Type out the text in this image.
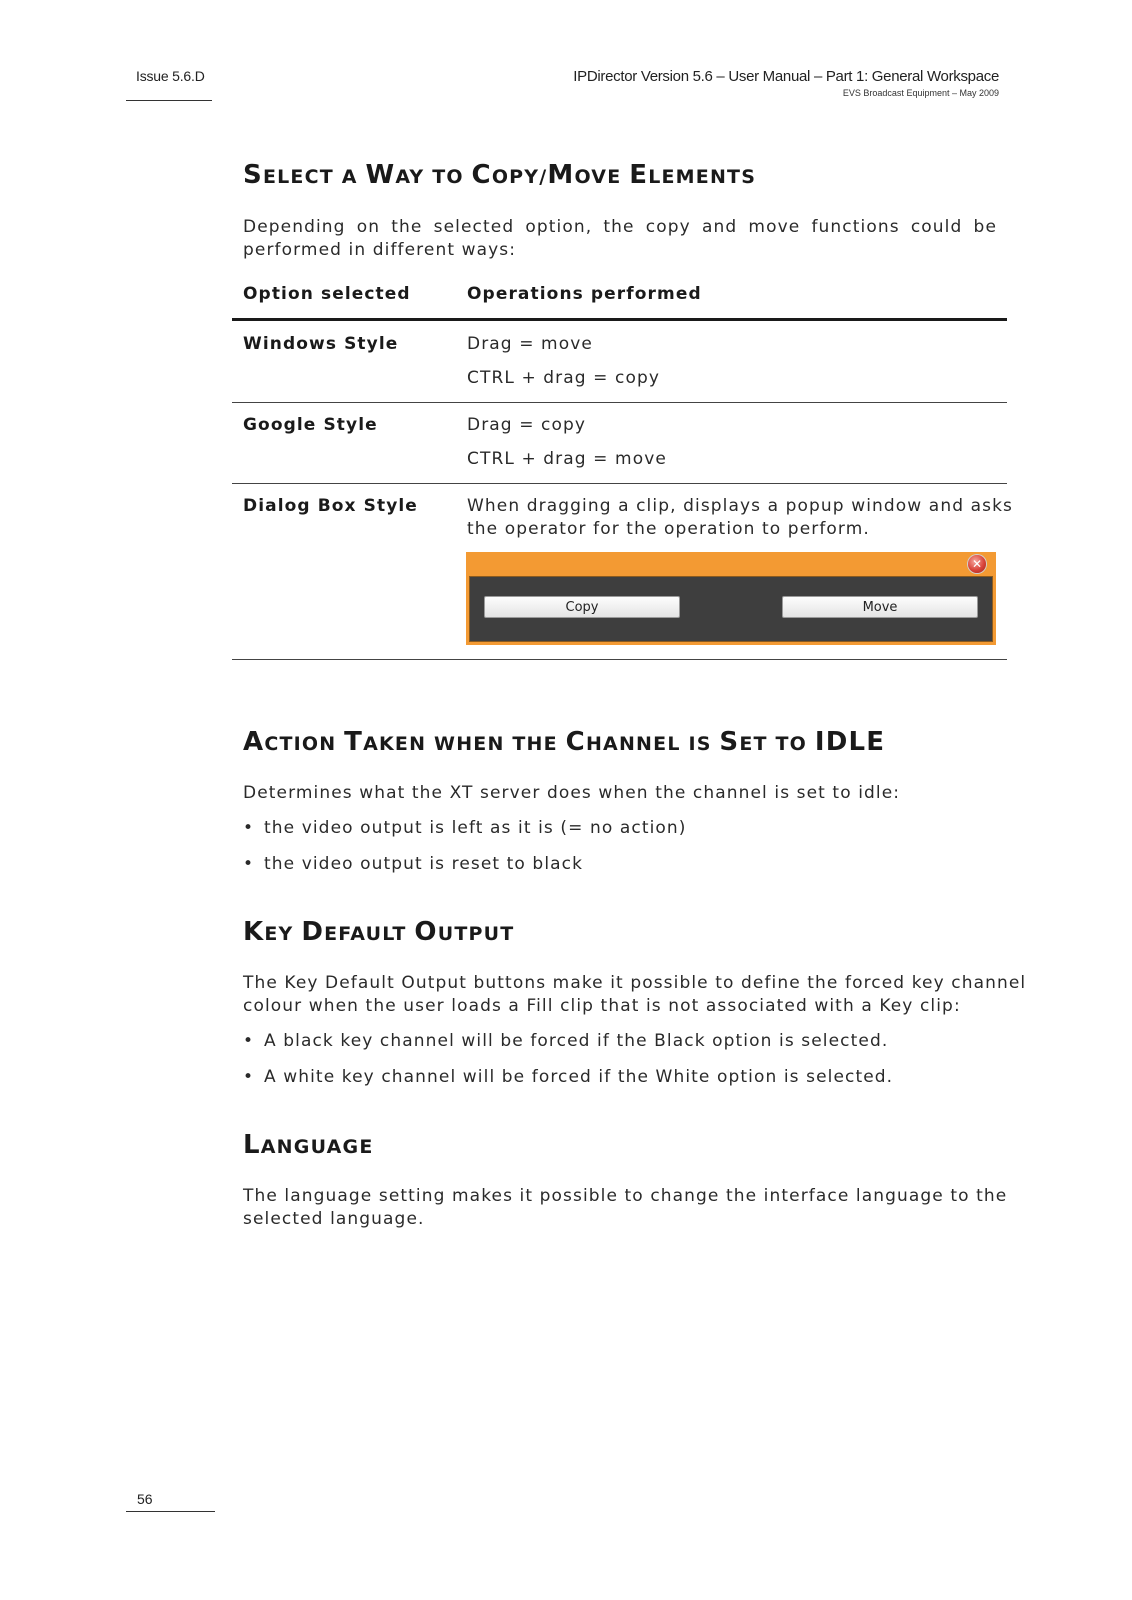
Issue 5.6.D	IPDirector Version 5.6 – User Manual – Part 1: General Workspace
EVS Broadcast Equipment – May 2009
SELECT A WAY TO COPY/MOVE ELEMENTS
Depending on the selected option, the copy and move functions could be
performed in different ways:
Option selected	Operations performed
Windows Style	Drag = move
CTRL + drag = copy
Google Style	Drag = copy
CTRL + drag = move
Dialog Box Style	When dragging a clip, displays a popup window and asks
the operator for the operation to perform.
✕
Copy	Move
ACTION TAKEN WHEN THE CHANNEL IS SET TO IDLE
Determines what the XT server does when the channel is set to idle:
• the video output is left as it is (= no action)
• the video output is reset to black
KEY DEFAULT OUTPUT
The Key Default Output buttons make it possible to define the forced key channel
colour when the user loads a Fill clip that is not associated with a Key clip:
• A black key channel will be forced if the Black option is selected.
• A white key channel will be forced if the White option is selected.
LANGUAGE
The language setting makes it possible to change the interface language to the
selected language.
56
